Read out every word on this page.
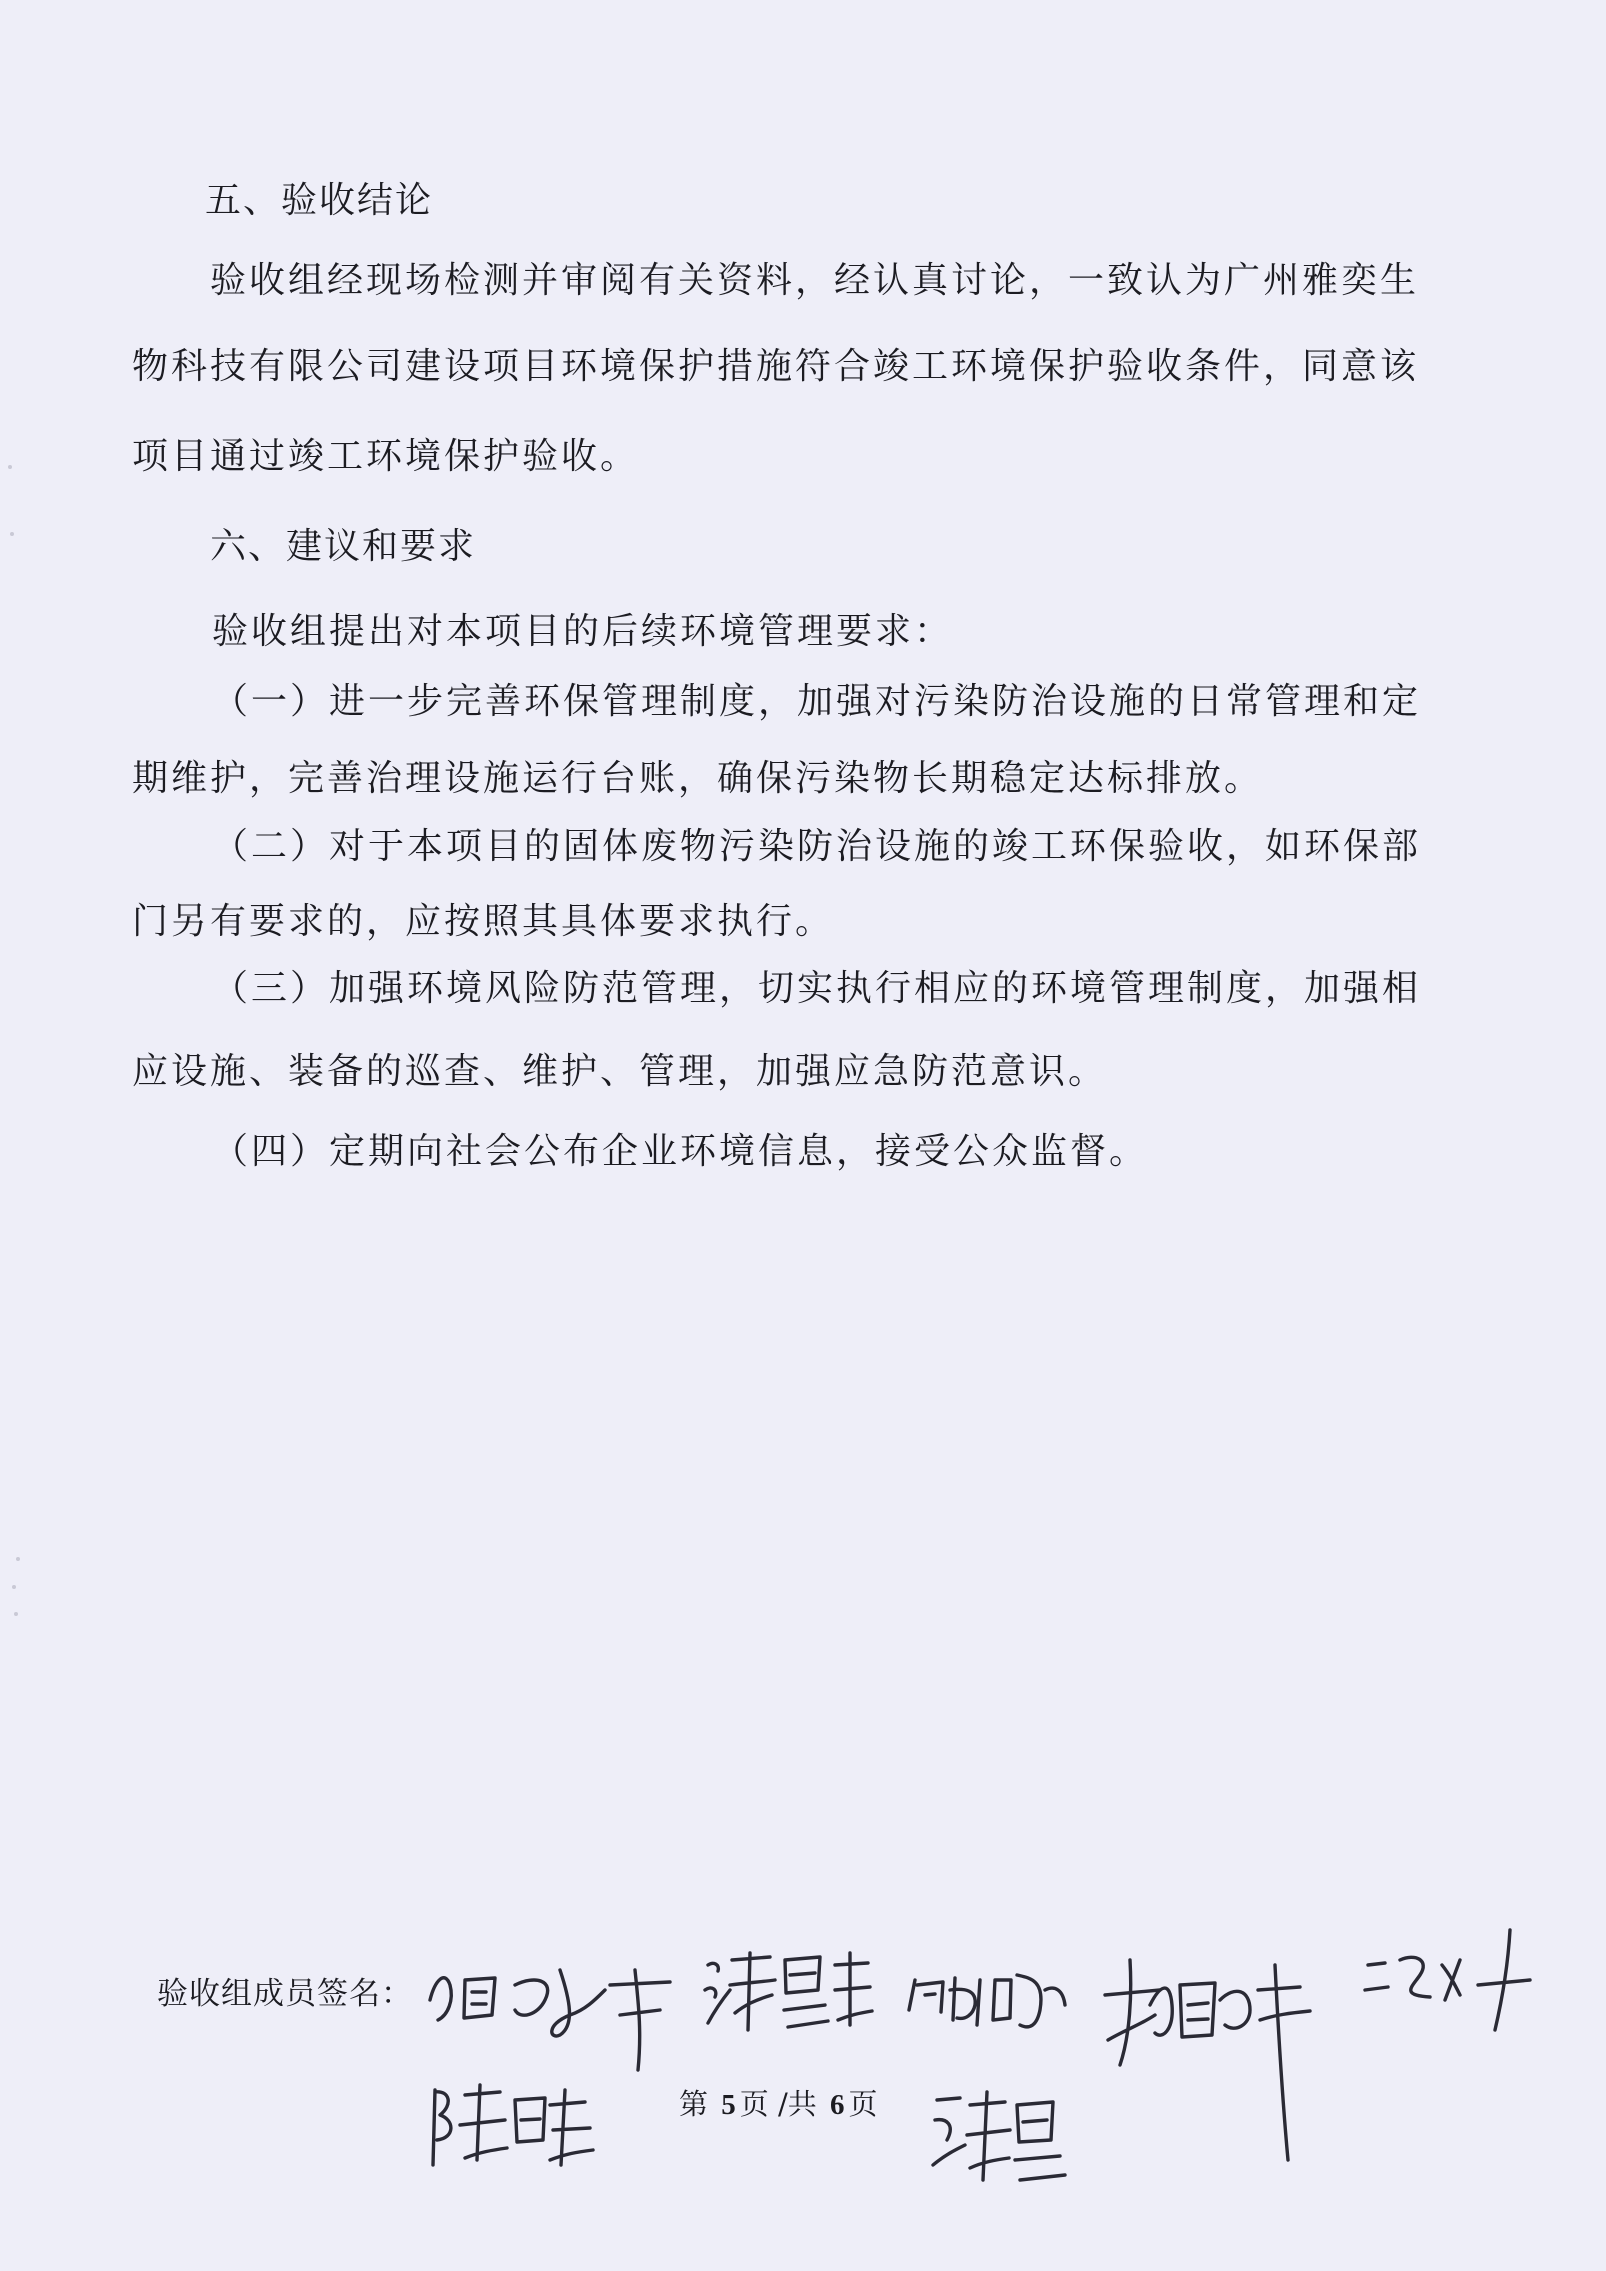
五、验收结论
验收组经现场检测并审阅有关资料，经认真讨论，一致认为广州雅奕生
物科技有限公司建设项目环境保护措施符合竣工环境保护验收条件，同意该
项目通过竣工环境保护验收。
六、建议和要求
验收组提出对本项目的后续环境管理要求：
（一）进一步完善环保管理制度，加强对污染防治设施的日常管理和定
期维护，完善治理设施运行台账，确保污染物长期稳定达标排放。
（二）对于本项目的固体废物污染防治设施的竣工环保验收，如环保部
门另有要求的，应按照其具体要求执行。
（三）加强环境风险防范管理，切实执行相应的环境管理制度，加强相
应设施、装备的巡查、维护、管理，加强应急防范意识。
（四）定期向社会公布企业环境信息，接受公众监督。
验收组成员签名：
第 5 页 /共 6 页
